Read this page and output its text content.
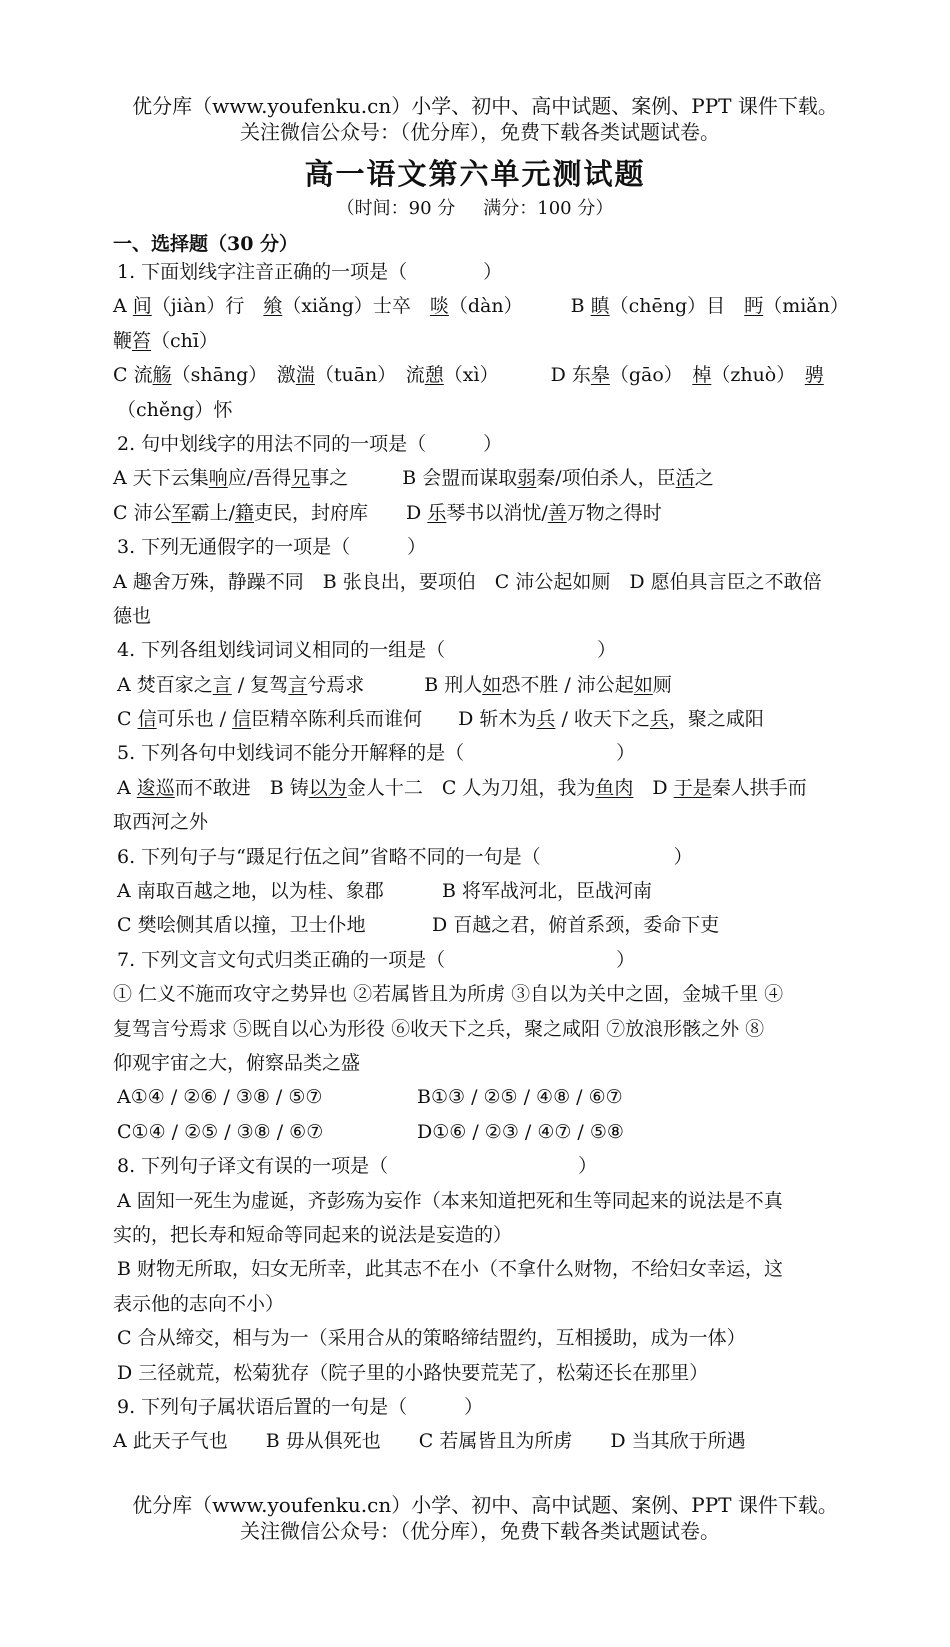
优分库（www.youfenku.cn）小学、初中、高中试题、案例、PPT 课件下载。
关注微信公众号：（优分库），免费下载各类试题试卷。
高一语文第六单元测试题
（时间：90 分 满分：100 分）
一、选择题（30 分）
1. 下面划线字注音正确的一项是（　　　　）
A 间（jiàn）行　飨（xiǎng）士卒　啖（dàn）	B 瞋（chēng）目　眄（miǎn）
鞭笞（chī）
C 流觞（shāng）　激湍（tuān）　流憩（xì）	D 东皋（gāo）　棹（zhuò）　骋
（chěng）怀
2. 句中划线字的用法不同的一项是（　　　）
A 天下云集响应/吾得兄事之	B 会盟而谋取弱秦/项伯杀人，臣活之
C 沛公军霸上/籍吏民，封府库 D 乐琴书以消忧/善万物之得时
3. 下列无通假字的一项是（　　　）
A 趣舍万殊，静躁不同　B 张良出，要项伯　C 沛公起如厕　D 愿伯具言臣之不敢倍
德也
4. 下列各组划线词词义相同的一组是（　　　　　　　　）
A 焚百家之言 / 复驾言兮焉求	B 刑人如恐不胜 / 沛公起如厕
C 信可乐也 / 信臣精卒陈利兵而谁何 D 斩木为兵 / 收天下之兵，聚之咸阳
5. 下列各句中划线词不能分开解释的是（　　　　　　　　）
A 逡巡而不敢进　B 铸以为金人十二　C 人为刀俎，我为鱼肉　D 于是秦人拱手而
取西河之外
6. 下列句子与“蹑足行伍之间”省略不同的一句是（　　　　　　　）
A 南取百越之地，以为桂、象郡	B 将军战河北，臣战河南
C 樊哙侧其盾以撞，卫士仆地	D 百越之君，俯首系颈，委命下吏
7. 下列文言文句式归类正确的一项是（　　　　　　　　　）
① 仁义不施而攻守之势异也 ②若属皆且为所虏 ③自以为关中之固，金城千里 ④
复驾言兮焉求 ⑤既自以心为形役 ⑥收天下之兵，聚之咸阳 ⑦放浪形骸之外 ⑧
仰观宇宙之大，俯察品类之盛
A①④ / ②⑥ / ③⑧ / ⑤⑦	B①③ / ②⑤ / ④⑧ / ⑥⑦
C①④ / ②⑤ / ③⑧ / ⑥⑦	D①⑥ / ②③ / ④⑦ / ⑤⑧
8. 下列句子译文有误的一项是（　　　　　　　　　　）
A 固知一死生为虚诞，齐彭殇为妄作（本来知道把死和生等同起来的说法是不真
实的，把长寿和短命等同起来的说法是妄造的）
B 财物无所取，妇女无所幸，此其志不在小（不拿什么财物，不给妇女幸运，这
表示他的志向不小）
C 合从缔交，相与为一（采用合从的策略缔结盟约，互相援助，成为一体）
D 三径就荒，松菊犹存（院子里的小路快要荒芜了，松菊还长在那里）
9. 下列句子属状语后置的一句是（　　　）
A 此天子气也　　B 毋从俱死也　　C 若属皆且为所虏　　D 当其欣于所遇
优分库（www.youfenku.cn）小学、初中、高中试题、案例、PPT 课件下载。
关注微信公众号：（优分库），免费下载各类试题试卷。
